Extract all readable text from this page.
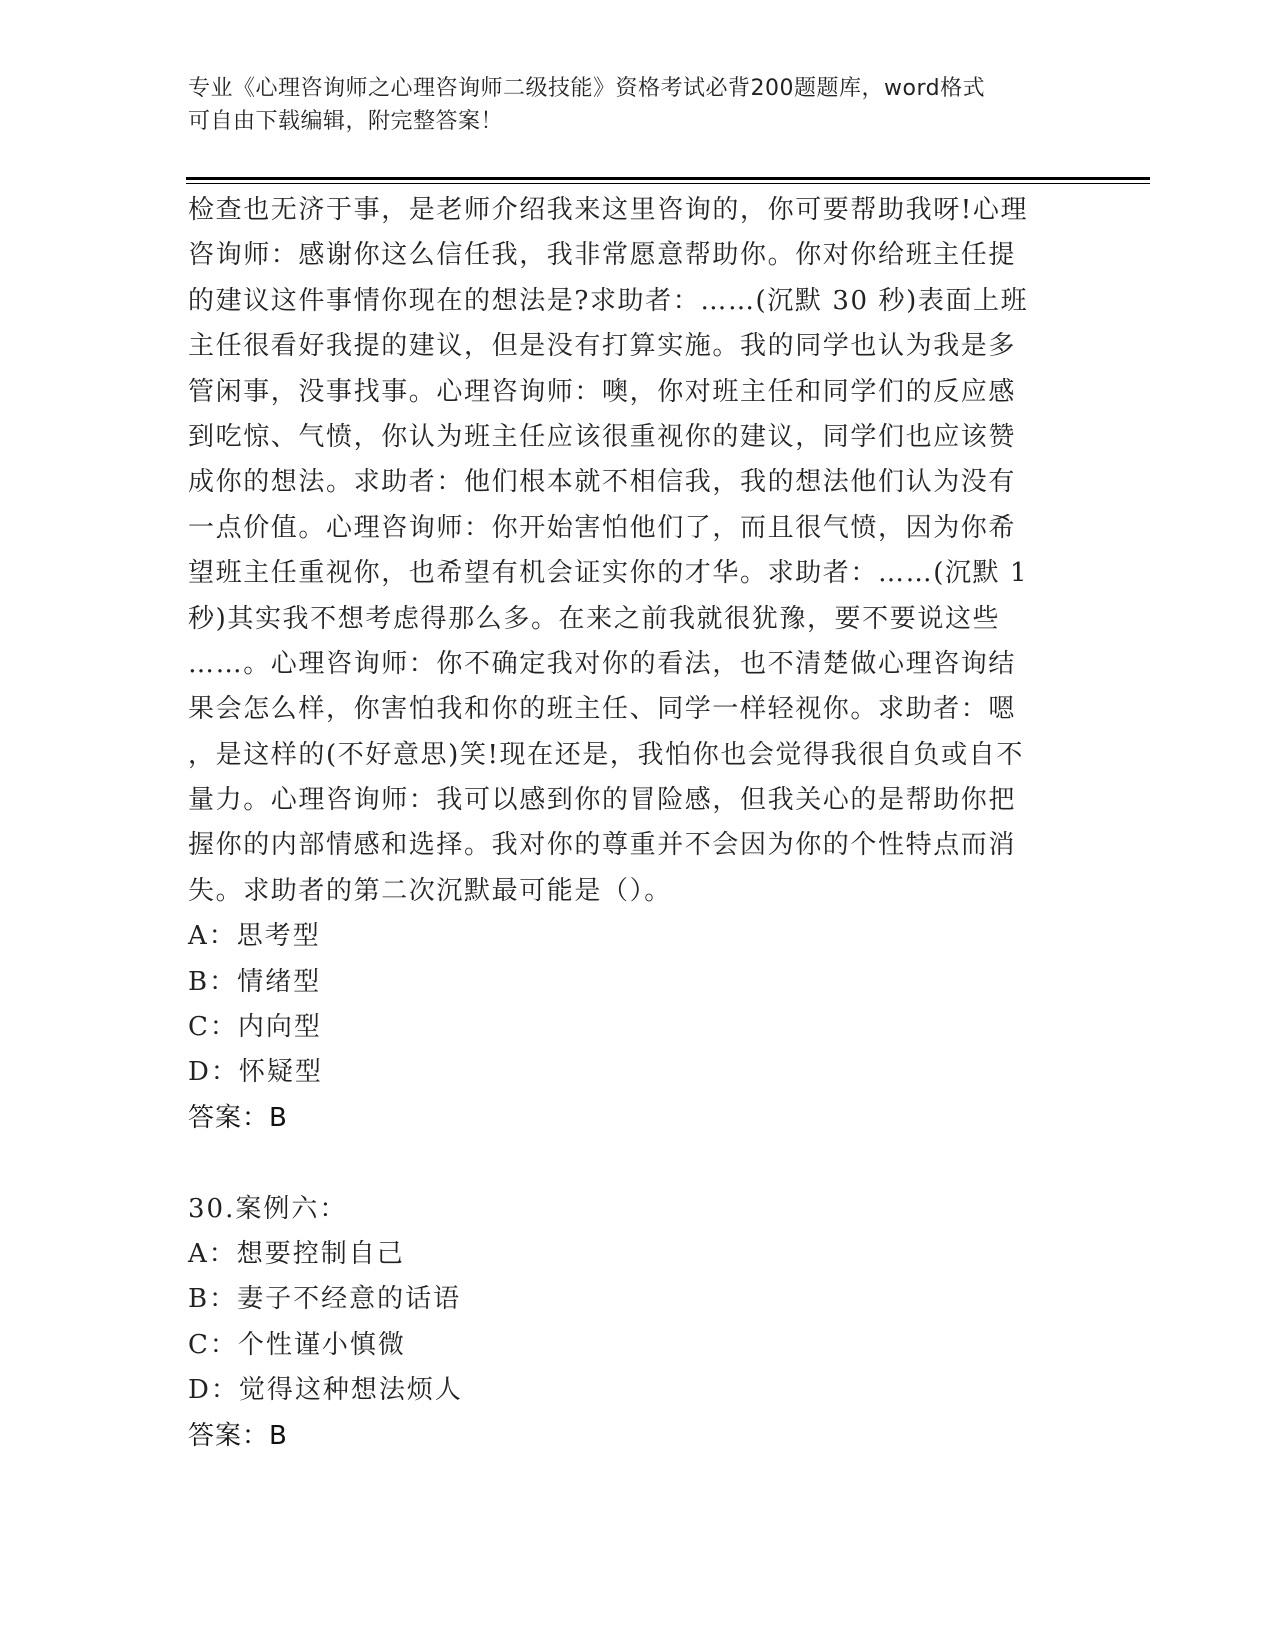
专业《心理咨询师之心理咨询师二级技能》资格考试必背200题题库，word格式
可自由下载编辑，附完整答案！
检查也无济于事，是老师介绍我来这里咨询的，你可要帮助我呀!心理
咨询师：感谢你这么信任我，我非常愿意帮助你。你对你给班主任提
的建议这件事情你现在的想法是?求助者：……(沉默 30 秒)表面上班
主任很看好我提的建议，但是没有打算实施。我的同学也认为我是多
管闲事，没事找事。心理咨询师：噢，你对班主任和同学们的反应感
到吃惊、气愤，你认为班主任应该很重视你的建议，同学们也应该赞
成你的想法。求助者：他们根本就不相信我，我的想法他们认为没有
一点价值。心理咨询师：你开始害怕他们了，而且很气愤，因为你希
望班主任重视你，也希望有机会证实你的才华。求助者：……(沉默 1
秒)其实我不想考虑得那么多。在来之前我就很犹豫，要不要说这些
……。心理咨询师：你不确定我对你的看法，也不清楚做心理咨询结
果会怎么样，你害怕我和你的班主任、同学一样轻视你。求助者：嗯
，是这样的(不好意思)笑!现在还是，我怕你也会觉得我很自负或自不
量力。心理咨询师：我可以感到你的冒险感，但我关心的是帮助你把
握你的内部情感和选择。我对你的尊重并不会因为你的个性特点而消
失。求助者的第二次沉默最可能是（）。
A：思考型
B：情绪型
C：内向型
D：怀疑型
答案：B
30.案例六：
A：想要控制自己
B：妻子不经意的话语
C：个性谨小慎微
D：觉得这种想法烦人
答案：B
